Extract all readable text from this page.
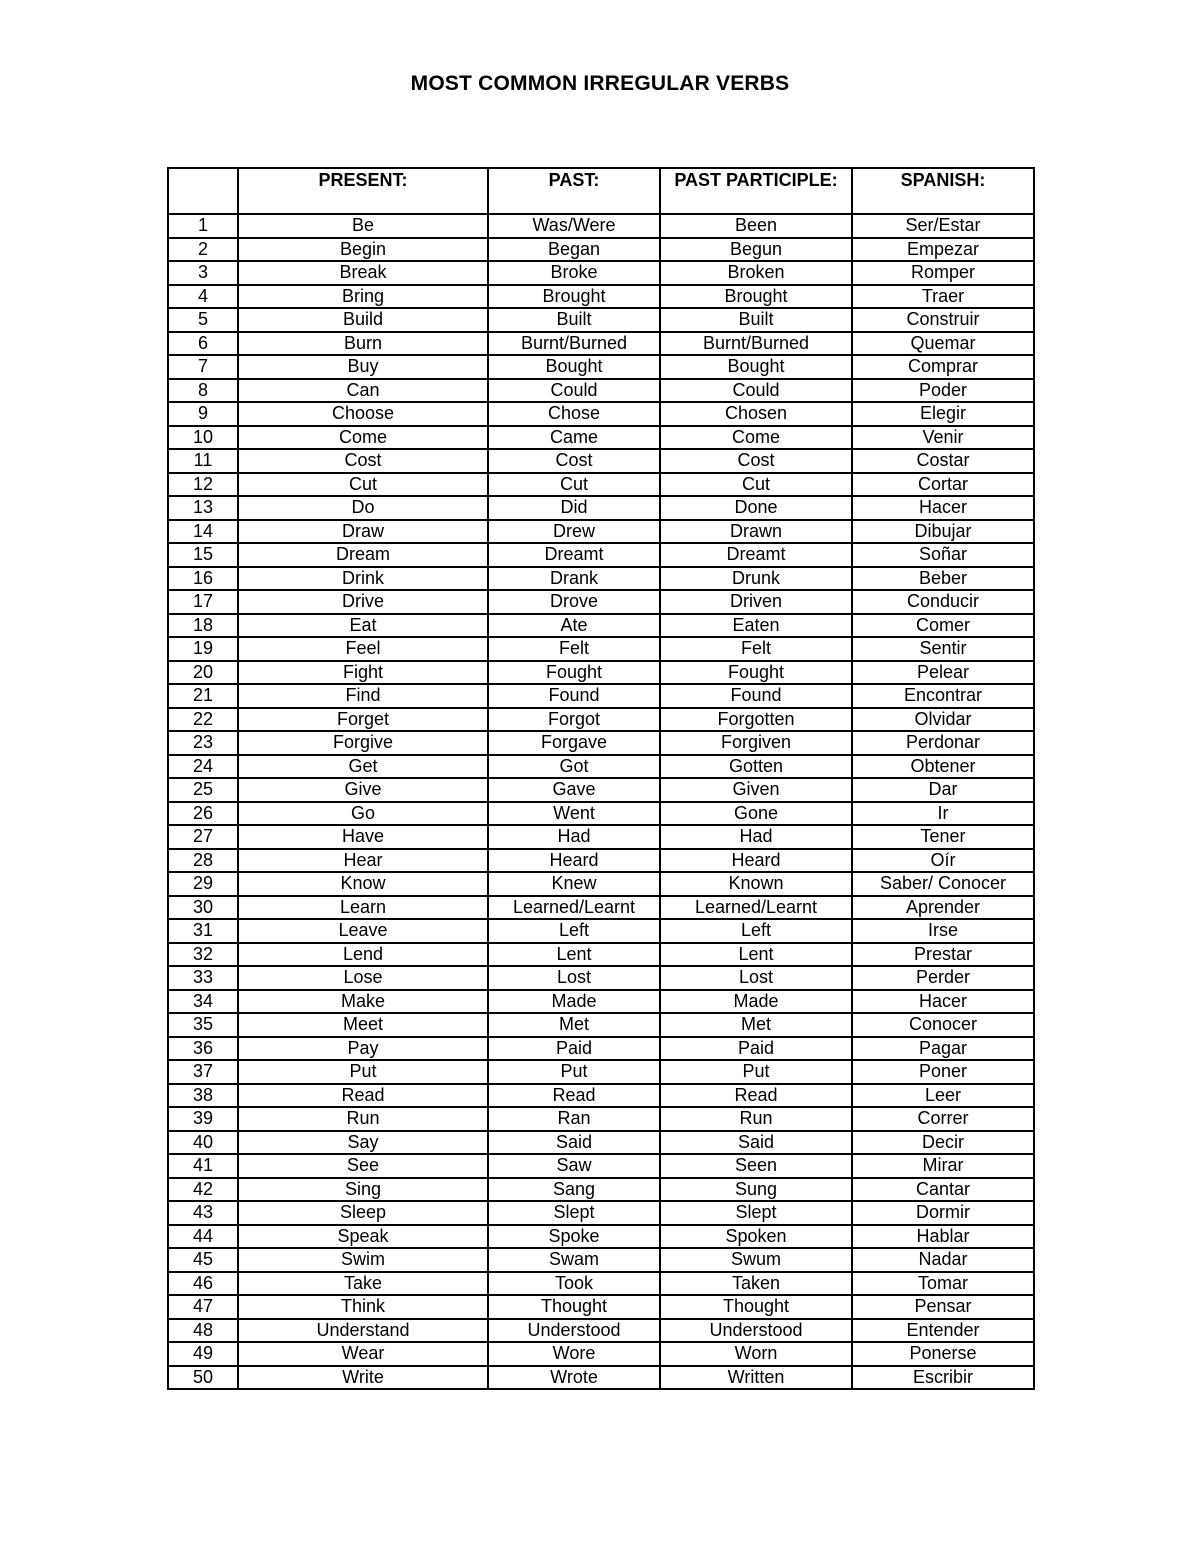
MOST COMMON IRREGULAR VERBS
	PRESENT:	PAST:	PAST PARTICIPLE:	SPANISH:
1	Be	Was/Were	Been	Ser/Estar
2	Begin	Began	Begun	Empezar
3	Break	Broke	Broken	Romper
4	Bring	Brought	Brought	Traer
5	Build	Built	Built	Construir
6	Burn	Burnt/Burned	Burnt/Burned	Quemar
7	Buy	Bought	Bought	Comprar
8	Can	Could	Could	Poder
9	Choose	Chose	Chosen	Elegir
10	Come	Came	Come	Venir
11	Cost	Cost	Cost	Costar
12	Cut	Cut	Cut	Cortar
13	Do	Did	Done	Hacer
14	Draw	Drew	Drawn	Dibujar
15	Dream	Dreamt	Dreamt	Soñar
16	Drink	Drank	Drunk	Beber
17	Drive	Drove	Driven	Conducir
18	Eat	Ate	Eaten	Comer
19	Feel	Felt	Felt	Sentir
20	Fight	Fought	Fought	Pelear
21	Find	Found	Found	Encontrar
22	Forget	Forgot	Forgotten	Olvidar
23	Forgive	Forgave	Forgiven	Perdonar
24	Get	Got	Gotten	Obtener
25	Give	Gave	Given	Dar
26	Go	Went	Gone	Ir
27	Have	Had	Had	Tener
28	Hear	Heard	Heard	Oír
29	Know	Knew	Known	Saber/ Conocer
30	Learn	Learned/Learnt	Learned/Learnt	Aprender
31	Leave	Left	Left	Irse
32	Lend	Lent	Lent	Prestar
33	Lose	Lost	Lost	Perder
34	Make	Made	Made	Hacer
35	Meet	Met	Met	Conocer
36	Pay	Paid	Paid	Pagar
37	Put	Put	Put	Poner
38	Read	Read	Read	Leer
39	Run	Ran	Run	Correr
40	Say	Said	Said	Decir
41	See	Saw	Seen	Mirar
42	Sing	Sang	Sung	Cantar
43	Sleep	Slept	Slept	Dormir
44	Speak	Spoke	Spoken	Hablar
45	Swim	Swam	Swum	Nadar
46	Take	Took	Taken	Tomar
47	Think	Thought	Thought	Pensar
48	Understand	Understood	Understood	Entender
49	Wear	Wore	Worn	Ponerse
50	Write	Wrote	Written	Escribir
